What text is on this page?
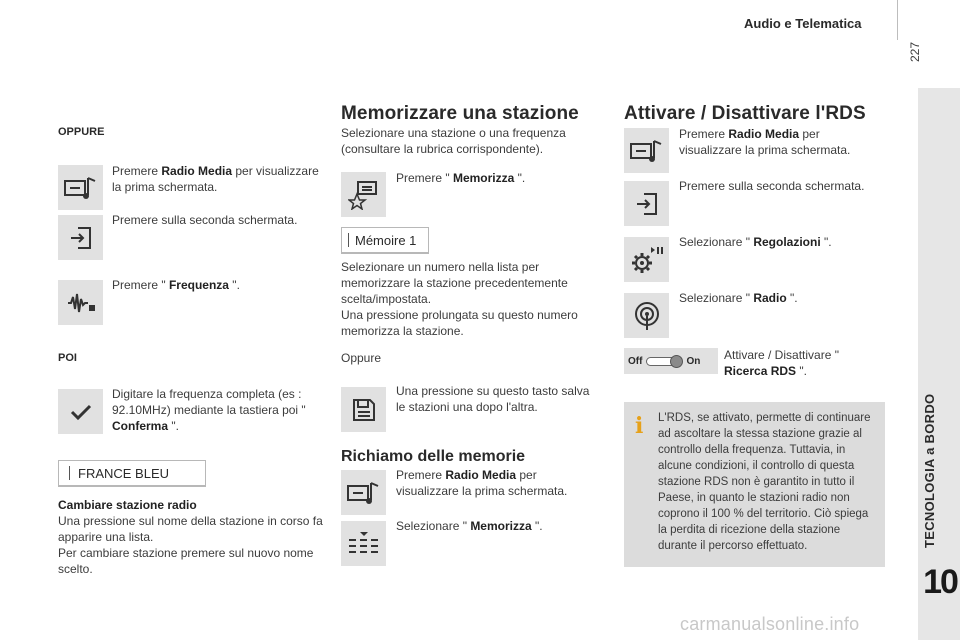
Audio e Telematica
227
TECNOLOGIA a BORDO
10
OPPURE
Premere Radio Media per visualizzare la prima schermata.
Premere sulla seconda schermata.
Premere " Frequenza ".
POI
Digitare la frequenza completa (es : 92.10MHz) mediante la tastiera poi " Conferma ".
FRANCE BLEU
Cambiare stazione radio
Una pressione sul nome della stazione in corso fa apparire una lista.
Per cambiare stazione premere sul nuovo nome scelto.
Memorizzare una stazione
Selezionare una stazione o una frequenza (consultare la rubrica corrispondente).
Premere " Memorizza ".
Mémoire 1
Selezionare un numero nella lista per memorizzare la stazione precedentemente scelta/impostata.
Una pressione prolungata su questo numero memorizza la stazione.
Oppure
Una pressione su questo tasto salva le stazioni una dopo l'altra.
Richiamo delle memorie
Premere Radio Media per visualizzare la prima schermata.
Selezionare " Memorizza ".
Attivare / Disattivare l'RDS
Premere Radio Media per visualizzare la prima schermata.
Premere sulla seconda schermata.
Selezionare " Regolazioni ".
Selezionare " Radio ".
Off	On Attivare / Disattivare " Ricerca RDS ".
i L'RDS, se attivato, permette di continuare ad ascoltare la stessa stazione grazie al controllo della frequenza. Tuttavia, in alcune condizioni, il controllo di questa stazione RDS non è garantito in tutto il Paese, in quanto le stazioni radio non coprono il 100 % del territorio. Ciò spiega la perdita di ricezione della stazione durante il percorso effettuato.
carmanualsonline.info
